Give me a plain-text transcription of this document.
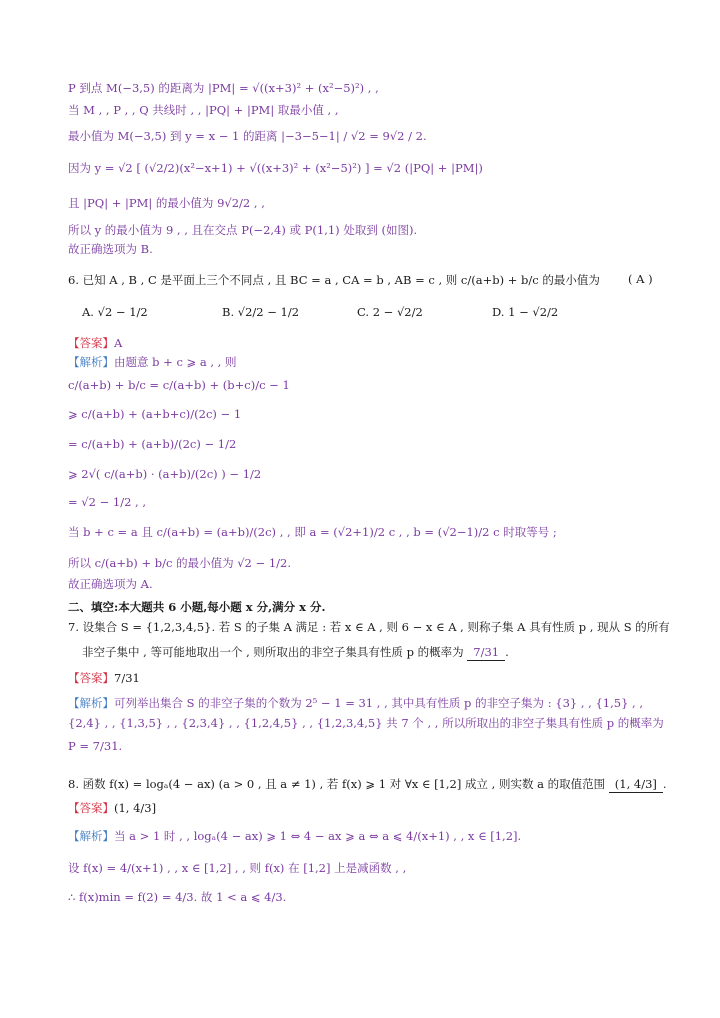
P 到点 M(−3,5) 的距离为 |PM| = √((x+3)² + (x²−5)²) , ,
当 M , , P , , Q 共线时 , , |PQ| + |PM| 取最小值 , ,
最小值为 M(−3,5) 到 y = x − 1 的距离 |−3−5−1| / √2 = 9√2 / 2.
因为 y = √2 [ (√2/2)(x²−x+1) + √((x+3)² + (x²−5)²) ] = √2 (|PQ| + |PM|)
且 |PQ| + |PM| 的最小值为 9√2/2 , ,
所以 y 的最小值为 9 , , 且在交点 P(−2,4) 或 P(1,1) 处取到 (如图).
故正确选项为 B.
6. 已知 A , B , C 是平面上三个不同点 , 且 BC = a , CA = b , AB = c , 则 c/(a+b) + b/c 的最小值为	( A )
A. √2 − 1/2	B. √2/2 − 1/2	C. 2 − √2/2	D. 1 − √2/2
【答案】A
【解析】由题意 b + c ⩾ a , , 则
c/(a+b) + b/c = c/(a+b) + (b+c)/c − 1
⩾ c/(a+b) + (a+b+c)/(2c) − 1
= c/(a+b) + (a+b)/(2c) − 1/2
⩾ 2√( c/(a+b) · (a+b)/(2c) ) − 1/2
= √2 − 1/2 , ,
当 b + c = a 且 c/(a+b) = (a+b)/(2c) , , 即 a = (√2+1)/2 c , , b = (√2−1)/2 c 时取等号 ;
所以 c/(a+b) + b/c 的最小值为 √2 − 1/2.
故正确选项为 A.
二、填空:本大题共 6 小题,每小题 x 分,满分 x 分.
7. 设集合 S = {1,2,3,4,5}. 若 S 的子集 A 满足 : 若 x ∈ A , 则 6 − x ∈ A , 则称子集 A 具有性质 p , 现从 S 的所有
非空子集中 , 等可能地取出一个 , 则所取出的非空子集具有性质 p 的概率为 7/31 .
【答案】7/31
【解析】可列举出集合 S 的非空子集的个数为 2⁵ − 1 = 31 , , 其中具有性质 p 的非空子集为 : {3} , , {1,5} , ,
{2,4} , , {1,3,5} , , {2,3,4} , , {1,2,4,5} , , {1,2,3,4,5} 共 7 个 , , 所以所取出的非空子集具有性质 p 的概率为
P = 7/31.
8. 函数 f(x) = logₐ(4 − ax) (a > 0 , 且 a ≠ 1) , 若 f(x) ⩾ 1 对 ∀x ∈ [1,2] 成立 , 则实数 a 的取值范围 (1, 4/3] .
【答案】(1, 4/3]
【解析】当 a > 1 时 , , logₐ(4 − ax) ⩾ 1 ⇔ 4 − ax ⩾ a ⇔ a ⩽ 4/(x+1) , , x ∈ [1,2].
设 f(x) = 4/(x+1) , , x ∈ [1,2] , , 则 f(x) 在 [1,2] 上是减函数 , ,
∴ f(x)min = f(2) = 4/3. 故 1 < a ⩽ 4/3.
